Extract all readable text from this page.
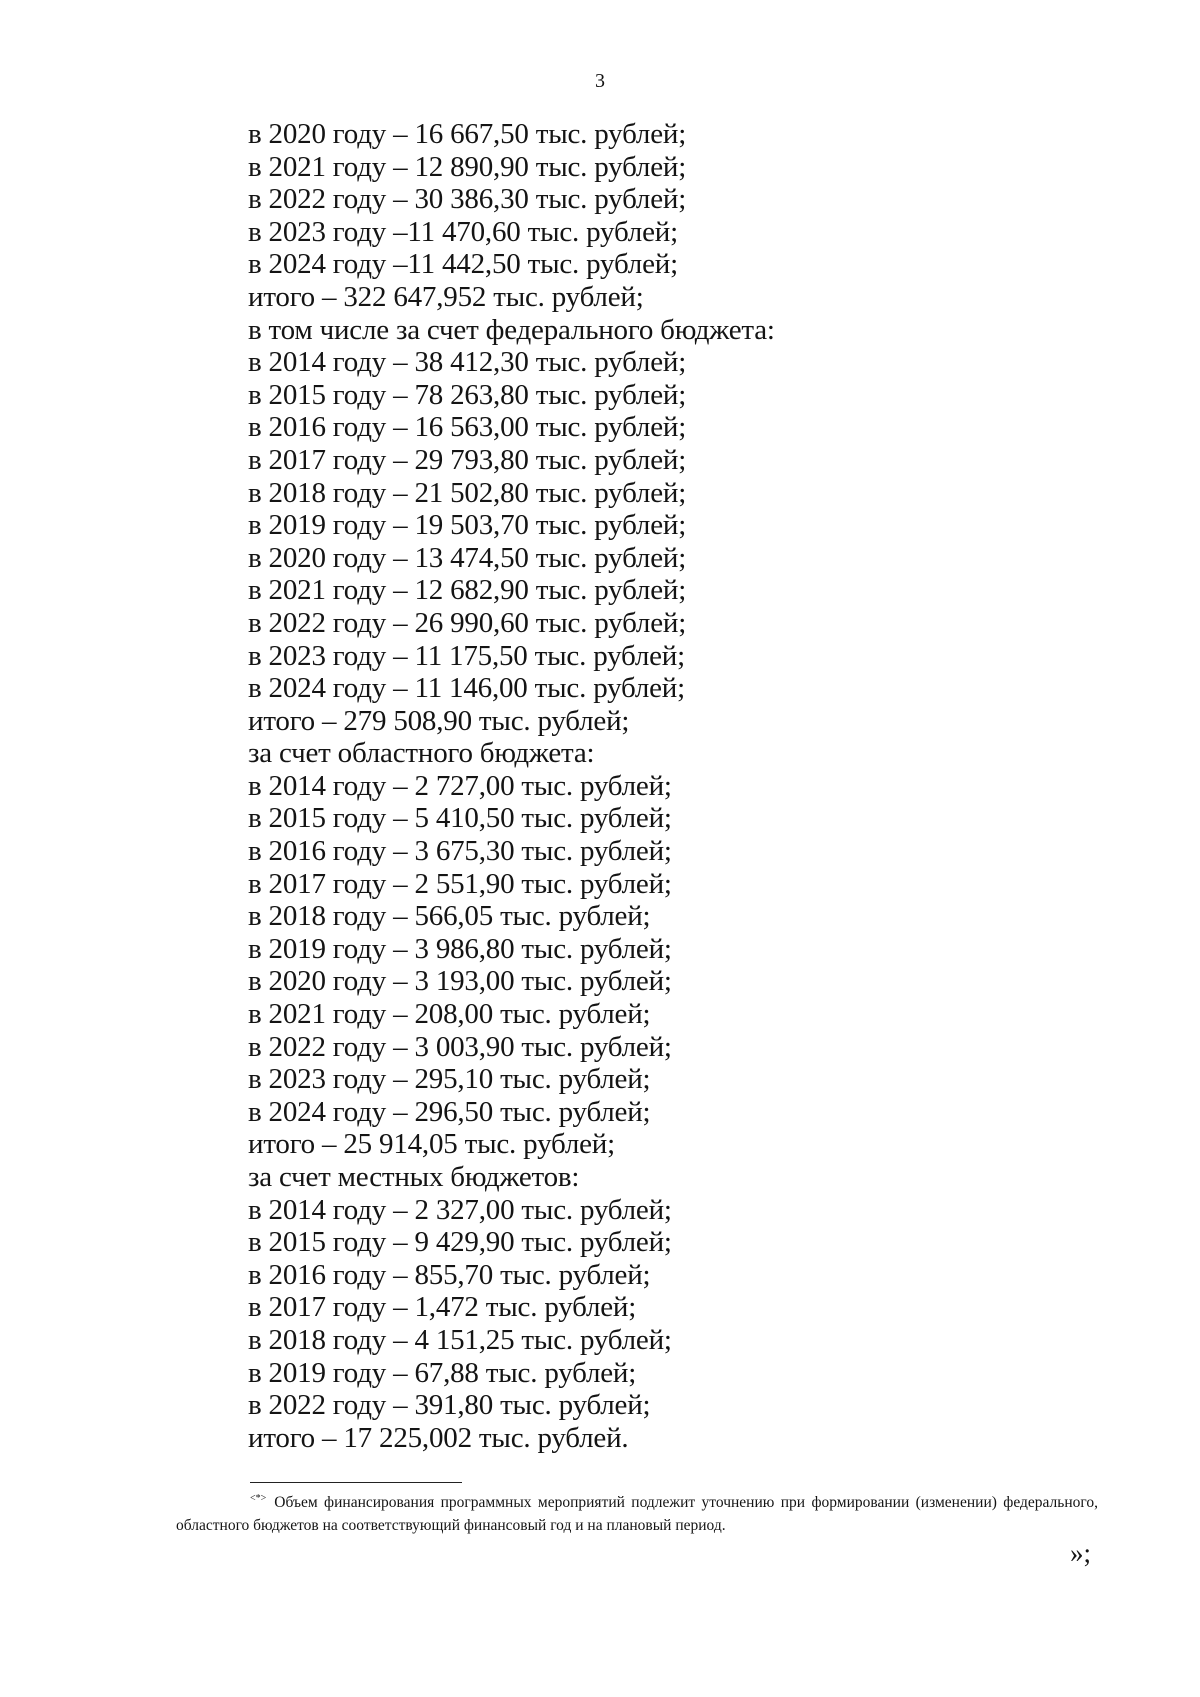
3
в 2020 году – 16 667,50 тыс. рублей;
в 2021 году – 12 890,90 тыс. рублей;
в 2022 году – 30 386,30 тыс. рублей;
в 2023 году –11 470,60 тыс. рублей;
в 2024 году –11 442,50 тыс. рублей;
итого – 322 647,952 тыс. рублей;
в том числе за счет федерального бюджета:
в 2014 году – 38 412,30 тыс. рублей;
в 2015 году – 78 263,80 тыс. рублей;
в 2016 году – 16 563,00 тыс. рублей;
в 2017 году – 29 793,80 тыс. рублей;
в 2018 году – 21 502,80 тыс. рублей;
в 2019 году – 19 503,70 тыс. рублей;
в 2020 году – 13 474,50 тыс. рублей;
в 2021 году – 12 682,90 тыс. рублей;
в 2022 году – 26 990,60 тыс. рублей;
в 2023 году – 11 175,50 тыс. рублей;
в 2024 году – 11 146,00 тыс. рублей;
итого – 279 508,90 тыс. рублей;
за счет областного бюджета:
в 2014 году – 2 727,00 тыс. рублей;
в 2015 году – 5 410,50 тыс. рублей;
в 2016 году – 3 675,30 тыс. рублей;
в 2017 году – 2 551,90 тыс. рублей;
в 2018 году – 566,05 тыс. рублей;
в 2019 году – 3 986,80 тыс. рублей;
в 2020 году – 3 193,00 тыс. рублей;
в 2021 году – 208,00 тыс. рублей;
в 2022 году – 3 003,90 тыс. рублей;
в 2023 году – 295,10 тыс. рублей;
в 2024 году – 296,50 тыс. рублей;
итого – 25 914,05 тыс. рублей;
за счет местных бюджетов:
в 2014 году – 2 327,00 тыс. рублей;
в 2015 году – 9 429,90 тыс. рублей;
в 2016 году – 855,70 тыс. рублей;
в 2017 году – 1,472 тыс. рублей;
в 2018 году – 4 151,25 тыс. рублей;
в 2019 году – 67,88 тыс. рублей;
в 2022 году – 391,80 тыс. рублей;
итого – 17 225,002 тыс. рублей.
<*> Объем финансирования программных мероприятий подлежит уточнению при формировании (изменении) федерального, областного бюджетов на соответствующий финансовый год и на плановый период.
»;
